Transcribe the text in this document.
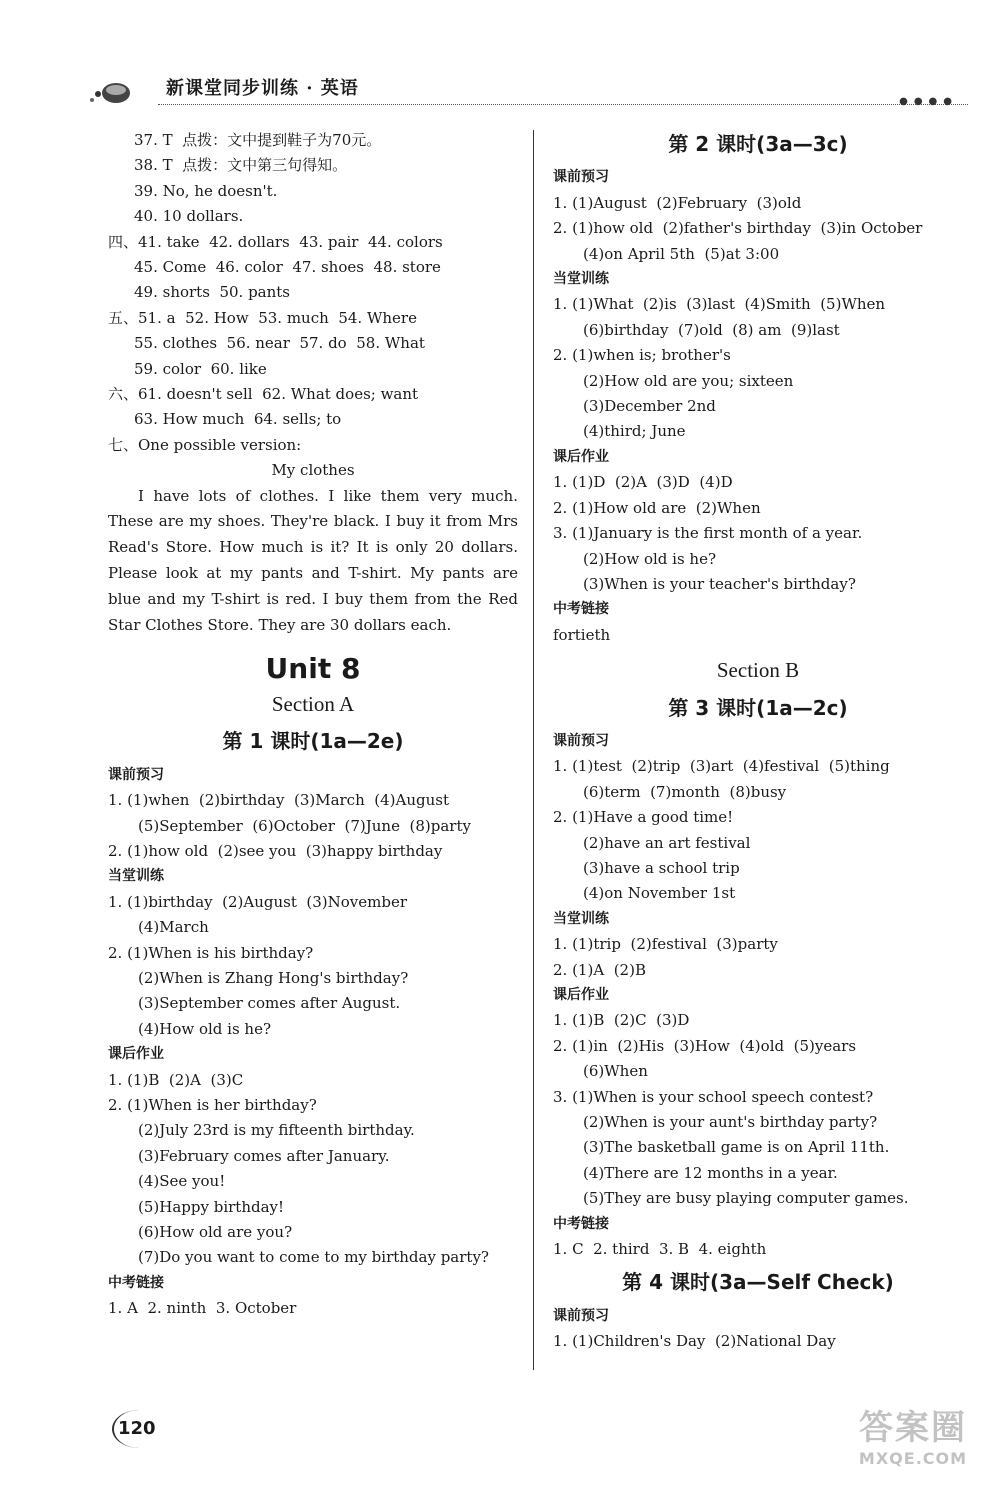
新课堂同步训练 · 英语
●●●●
37. T  点拨：文中提到鞋子为70元。
38. T  点拨：文中第三句得知。
39. No, he doesn't.
40. 10 dollars.
四、41. take  42. dollars  43. pair  44. colors
45. Come  46. color  47. shoes  48. store
49. shorts  50. pants
五、51. a  52. How  53. much  54. Where
55. clothes  56. near  57. do  58. What
59. color  60. like
六、61. doesn't sell  62. What does; want
63. How much  64. sells; to
七、One possible version:
My clothes

I have lots of clothes. I like them very much. These are my shoes. They're black. I buy it from Mrs Read's Store. How much is it? It is only 20 dollars. Please look at my pants and T-shirt. My pants are blue and my T-shirt is red. I buy them from the Red Star Clothes Store. They are 30 dollars each.

Unit 8
Section A
第 1 课时(1a—2e)
课前预习
1. (1)when  (2)birthday  (3)March  (4)August
(5)September  (6)October  (7)June  (8)party
2. (1)how old  (2)see you  (3)happy birthday
当堂训练
1. (1)birthday  (2)August  (3)November
(4)March
2. (1)When is his birthday?
(2)When is Zhang Hong's birthday?
(3)September comes after August.
(4)How old is he?
课后作业
1. (1)B  (2)A  (3)C
2. (1)When is her birthday?
(2)July 23rd is my fifteenth birthday.
(3)February comes after January.
(4)See you!
(5)Happy birthday!
(6)How old are you?
(7)Do you want to come to my birthday party?
中考链接
1. A  2. ninth  3. October
第 2 课时(3a—3c)
课前预习
1. (1)August  (2)February  (3)old
2. (1)how old  (2)father's birthday  (3)in October
(4)on April 5th  (5)at 3:00
当堂训练
1. (1)What  (2)is  (3)last  (4)Smith  (5)When
(6)birthday  (7)old  (8) am  (9)last
2. (1)when is; brother's
(2)How old are you; sixteen
(3)December 2nd
(4)third; June
课后作业
1. (1)D  (2)A  (3)D  (4)D
2. (1)How old are  (2)When
3. (1)January is the first month of a year.
(2)How old is he?
(3)When is your teacher's birthday?
中考链接
fortieth
Section B
第 3 课时(1a—2c)
课前预习
1. (1)test  (2)trip  (3)art  (4)festival  (5)thing
(6)term  (7)month  (8)busy
2. (1)Have a good time!
(2)have an art festival
(3)have a school trip
(4)on November 1st
当堂训练
1. (1)trip  (2)festival  (3)party
2. (1)A  (2)B
课后作业
1. (1)B  (2)C  (3)D
2. (1)in  (2)His  (3)How  (4)old  (5)years
(6)When
3. (1)When is your school speech contest?
(2)When is your aunt's birthday party?
(3)The basketball game is on April 11th.
(4)There are 12 months in a year.
(5)They are busy playing computer games.
中考链接
1. C  2. third  3. B  4. eighth
第 4 课时(3a—Self Check)
课前预习
1. (1)Children's Day  (2)National Day
120	答案圈
MXQE.COM
